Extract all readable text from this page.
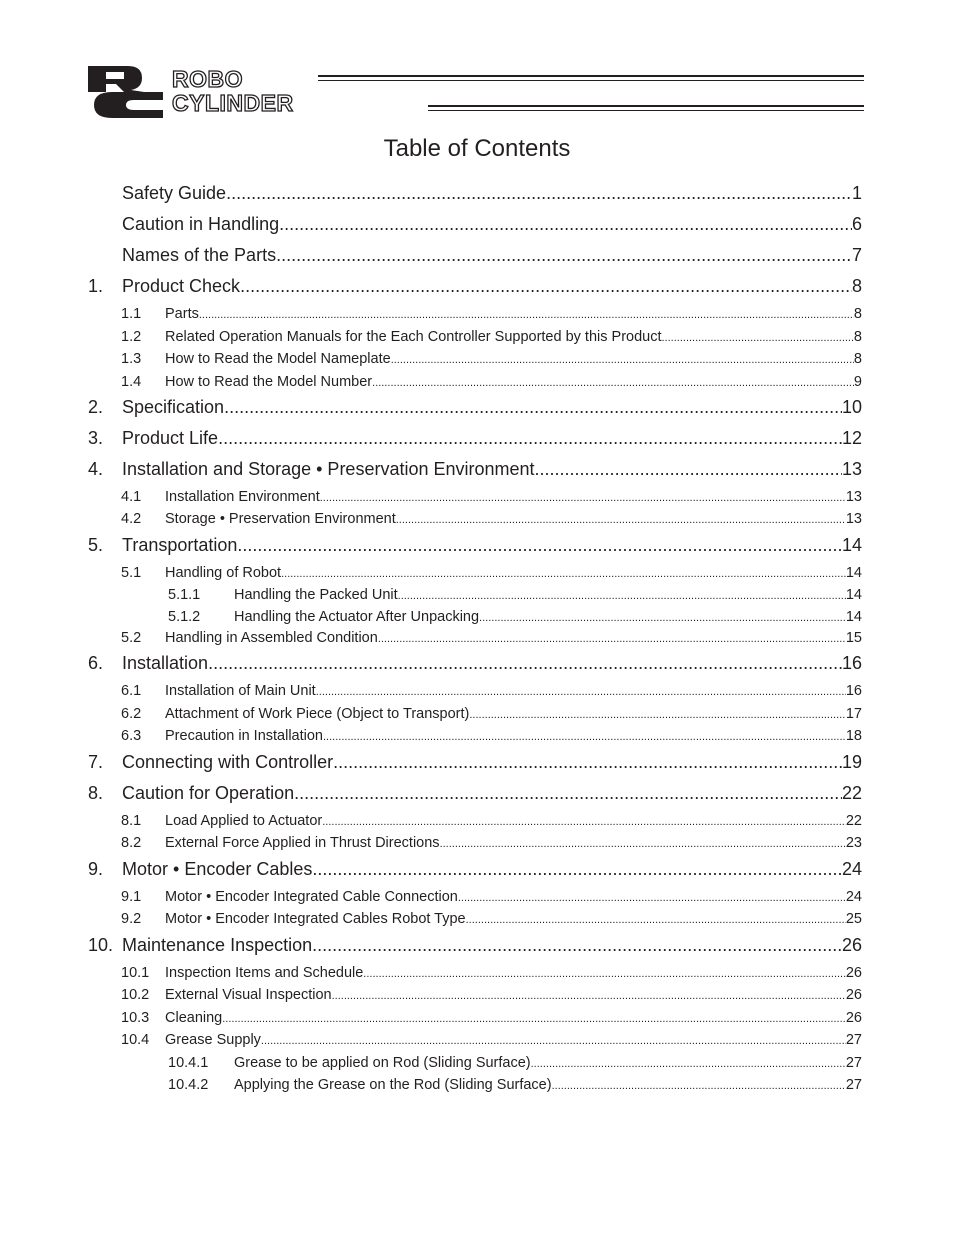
ROBO
CYLINDER
Table of Contents
Safety Guide .....	1
Caution in Handling .....	6
Names of the Parts .....	7
1.	Product Check .....	8
1.1	Parts .....	8
1.2	Related Operation Manuals for the Each Controller Supported by this Product .....	8
1.3	How to Read the Model Nameplate .....	8
1.4	How to Read the Model Number .....	9
2.	Specification .....	10
3.	Product Life .....	12
4.	Installation and Storage • Preservation Environment .....	13
4.1	Installation Environment .....	13
4.2	Storage • Preservation Environment .....	13
5.	Transportation .....	14
5.1	Handling of Robot .....	14
5.1.1	Handling the Packed Unit .....	14
5.1.2	Handling the Actuator After Unpacking .....	14
5.2	Handling in Assembled Condition .....	15
6.	Installation .....	16
6.1	Installation of Main Unit .....	16
6.2	Attachment of Work Piece (Object to Transport) .....	17
6.3	Precaution in Installation .....	18
7.	Connecting with Controller .....	19
8.	Caution for Operation .....	22
8.1	Load Applied to Actuator .....	22
8.2	External Force Applied in Thrust Directions .....	23
9.	Motor • Encoder Cables .....	24
9.1	Motor • Encoder Integrated Cable Connection .....	24
9.2	Motor • Encoder Integrated Cables Robot Type .....	25
10. Maintenance Inspection .....	26
10.1	Inspection Items and Schedule .....	26
10.2	External Visual Inspection .....	26
10.3	Cleaning .....	26
10.4	Grease Supply .....	27
10.4.1	Grease to be applied on Rod (Sliding Surface) .....	27
10.4.2	Applying the Grease on the Rod (Sliding Surface) .....	27
